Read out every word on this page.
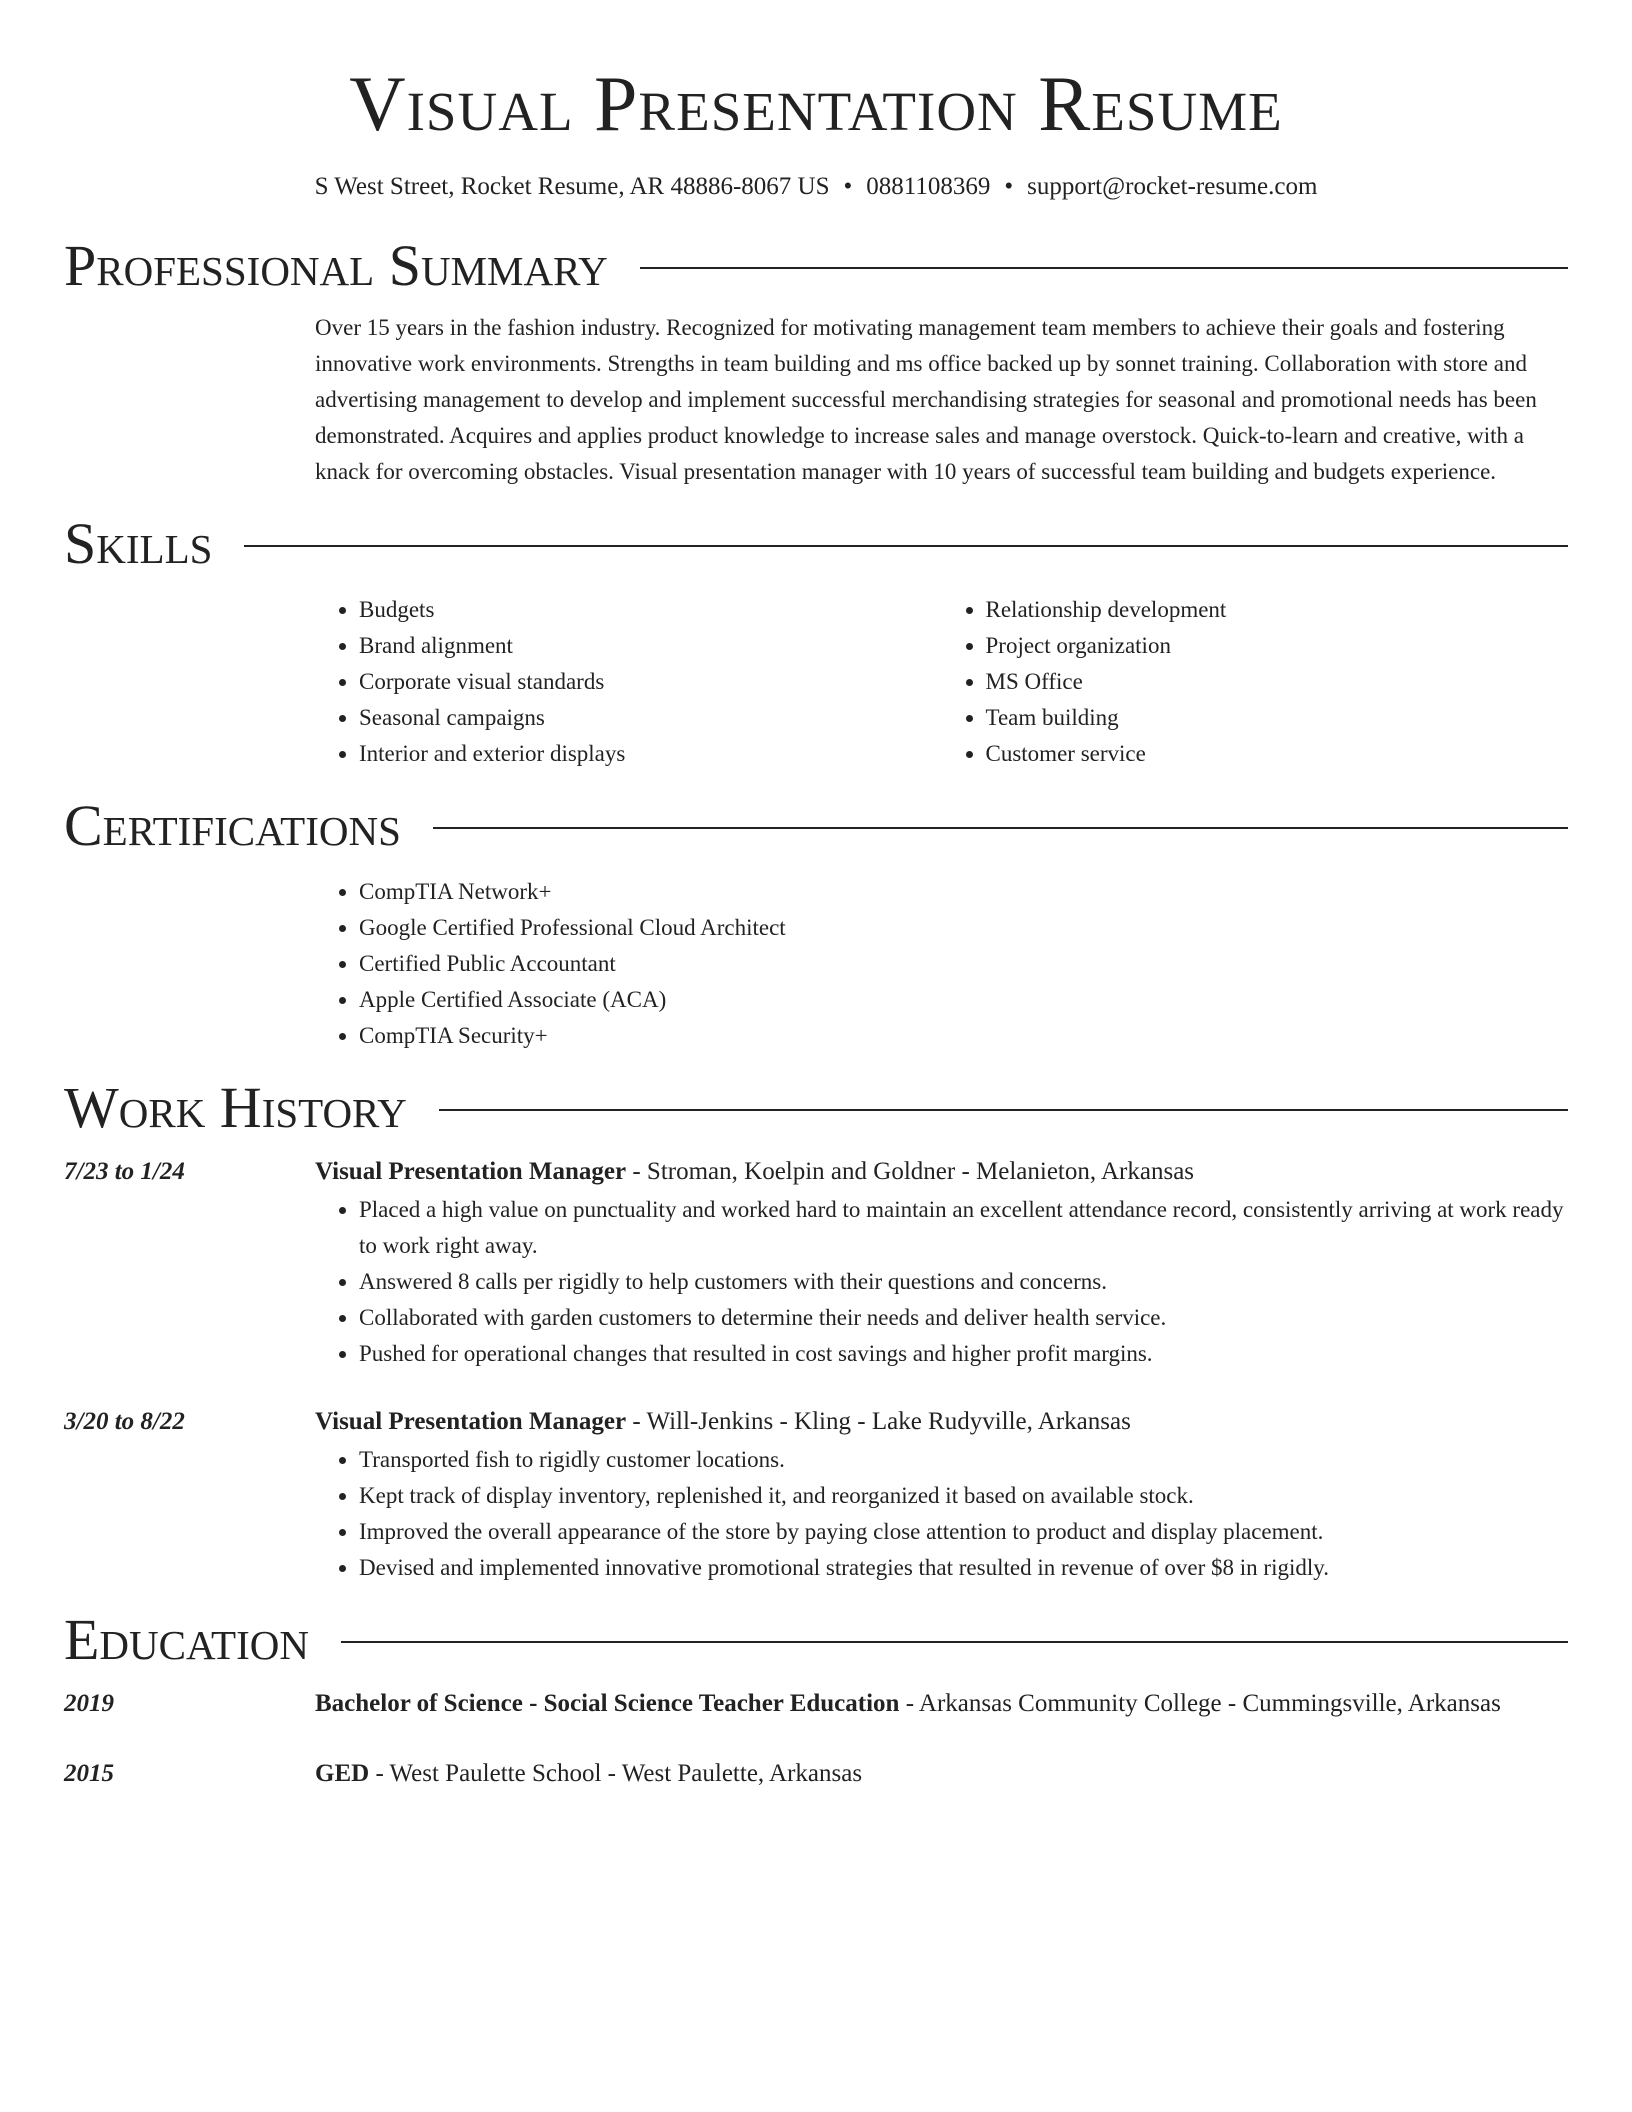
Visual Presentation Resume
S West Street, Rocket Resume, AR 48886-8067 US • 0881108369 • support@rocket-resume.com
Professional Summary

Over 15 years in the fashion industry. Recognized for motivating management team members to achieve their goals and fostering innovative work environments. Strengths in team building and ms office backed up by sonnet training. Collaboration with store and advertising management to develop and implement successful merchandising strategies for seasonal and promotional needs has been demonstrated. Acquires and applies product knowledge to increase sales and manage overstock. Quick-to-learn and creative, with a knack for overcoming obstacles. Visual presentation manager with 10 years of successful team building and budgets experience.

Skills
• Budgets
• Brand alignment
• Corporate visual standards
• Seasonal campaigns
• Interior and exterior displays
• Relationship development
• Project organization
• MS Office
• Team building
• Customer service
Certifications
• CompTIA Network+
• Google Certified Professional Cloud Architect
• Certified Public Accountant
• Apple Certified Associate (ACA)
• CompTIA Security+
Work History
7/23 to 1/24	Visual Presentation Manager - Stroman, Koelpin and Goldner - Melanieton, Arkansas
• Placed a high value on punctuality and worked hard to maintain an excellent attendance record, consistently arriving at work ready to work right away.
• Answered 8 calls per rigidly to help customers with their questions and concerns.
• Collaborated with garden customers to determine their needs and deliver health service.
• Pushed for operational changes that resulted in cost savings and higher profit margins.
3/20 to 8/22	Visual Presentation Manager - Will-Jenkins - Kling - Lake Rudyville, Arkansas
• Transported fish to rigidly customer locations.
• Kept track of display inventory, replenished it, and reorganized it based on available stock.
• Improved the overall appearance of the store by paying close attention to product and display placement.
• Devised and implemented innovative promotional strategies that resulted in revenue of over $8 in rigidly.
Education
2019	Bachelor of Science - Social Science Teacher Education - Arkansas Community College - Cummingsville, Arkansas
2015	GED - West Paulette School - West Paulette, Arkansas
